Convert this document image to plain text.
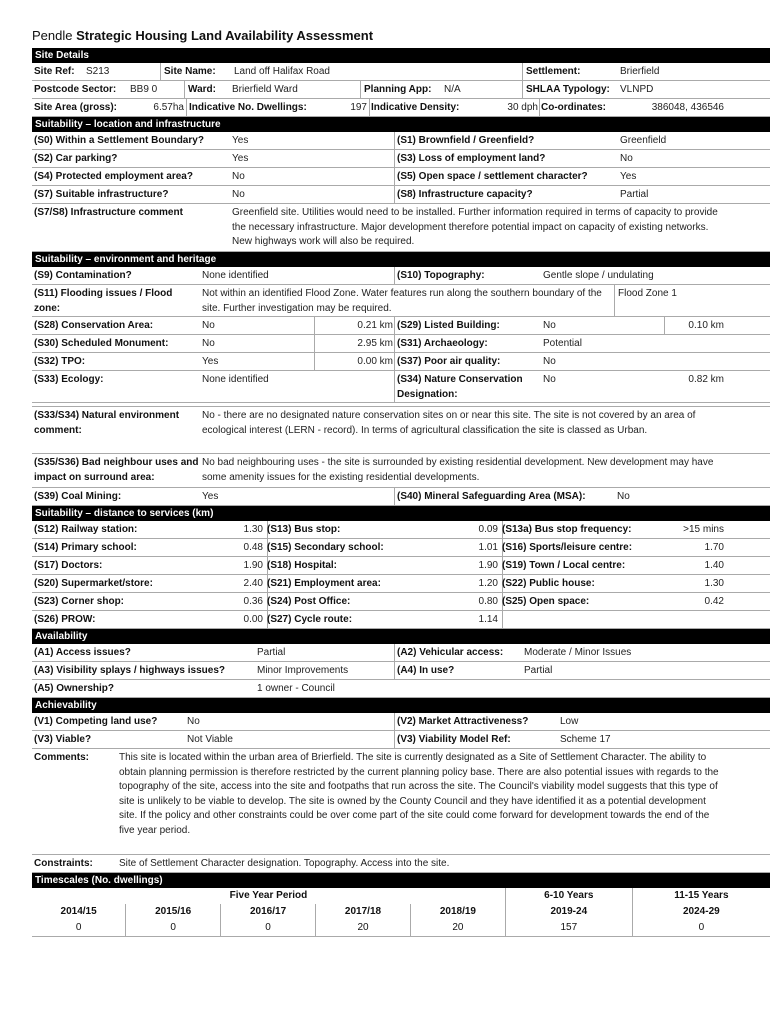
Pendle Strategic Housing Land Availability Assessment
Site Details
Site Ref: S213	Site Name: Land off Halifax Road	Settlement:	Brierfield
Postcode Sector: BB9 0	Ward: Brierfield Ward	Planning App: N/A	SHLAA Typology: VLNPD
Site Area (gross):	6.57ha Indicative No. Dwellings:	197 Indicative Density:	30 dph Co-ordinates:	386048, 436546
Suitability – location and infrastructure
(S0) Within a Settlement Boundary?	Yes	(S1) Brownfield / Greenfield?	Greenfield
(S2) Car parking?	Yes	(S3) Loss of employment land?	No
(S4) Protected employment area?	No	(S5) Open space / settlement character?	Yes
(S7) Suitable infrastructure?	No	(S8) Infrastructure capacity?	Partial
(S7/S8) Infrastructure comment	Greenfield site. Utilities would need to be installed. Further information required in terms of capacity to provide the necessary infrastructure. Major development therefore potential impact on capacity of existing networks. New highways work will also be required.
Suitability – environment and heritage
(S9) Contamination?	None identified	(S10) Topography:	Gentle slope / undulating
(S11) Flooding issues / Flood zone:
Not within an identified Flood Zone. Water features run along the southern boundary of the site. Further investigation may be required.
Flood Zone 1
(S28) Conservation Area:	No	0.21 km (S29) Listed Building:	No	0.10 km
(S30) Scheduled Monument:	No	2.95 km (S31) Archaeology:	Potential
(S32) TPO:	Yes	0.00 km (S37) Poor air quality:	No
(S33) Ecology:	None identified	(S34) Nature Conservation Designation:
No	0.82 km
(S33/S34) Natural environment comment:
No - there are no designated nature conservation sites on or near this site. The site is not covered by an area of ecological interest (LERN - record). In terms of agricultural classification the site is classed as Urban.
(S35/S36) Bad neighbour uses and impact on surround area:
No bad neighbouring uses - the site is surrounded by existing residential development. New development may have some amenity issues for the existing residential developments.
(S39) Coal Mining:	Yes	(S40) Mineral Safeguarding Area (MSA):	No
Suitability – distance to services (km)
(S12) Railway station:	1.30 (S13) Bus stop:	0.09 (S13a) Bus stop frequency:	>15 mins
(S14) Primary school:	0.48 (S15) Secondary school:	1.01 (S16) Sports/leisure centre:	1.70
(S17) Doctors:	1.90 (S18) Hospital:	1.90 (S19) Town / Local centre:	1.40
(S20) Supermarket/store:	2.40 (S21) Employment area:	1.20 (S22) Public house:	1.30
(S23) Corner shop:	0.36 (S24) Post Office:	0.80 (S25) Open space:	0.42
(S26) PROW:	0.00 (S27) Cycle route:	1.14
Availability
(A1) Access issues?	Partial	(A2) Vehicular access: Moderate / Minor Issues
(A3) Visibility splays / highways issues?	Minor Improvements	(A4) In use?	Partial
(A5) Ownership?	1 owner - Council
Achievability
(V1) Competing land use?	No	(V2) Market Attractiveness?	Low
(V3) Viable?	Not Viable	(V3) Viability Model Ref:	Scheme 17
Comments:	This site is located within the urban area of Brierfield. The site is currently designated as a Site of Settlement Character. The ability to obtain planning permission is therefore restricted by the current planning policy base. There are also potential issues with regards to the topography of the site, access into the site and footpaths that run across the site. The Council's viability model suggests that this type of site is unlikely to be viable to develop. The site is owned by the County Council and they have identified it as a potential development site. If the policy and other constraints could be over come part of the site could come forward for development towards the end of the five year period.
Constraints:	Site of Settlement Character designation. Topography. Access into the site.
Timescales (No. dwellings)
Five Year Period					6-10 Years	11-15 Years
2014/15	2015/16	2016/17	2017/18	2018/19	2019-24	2024-29
0	0	0	20	20	157	0
